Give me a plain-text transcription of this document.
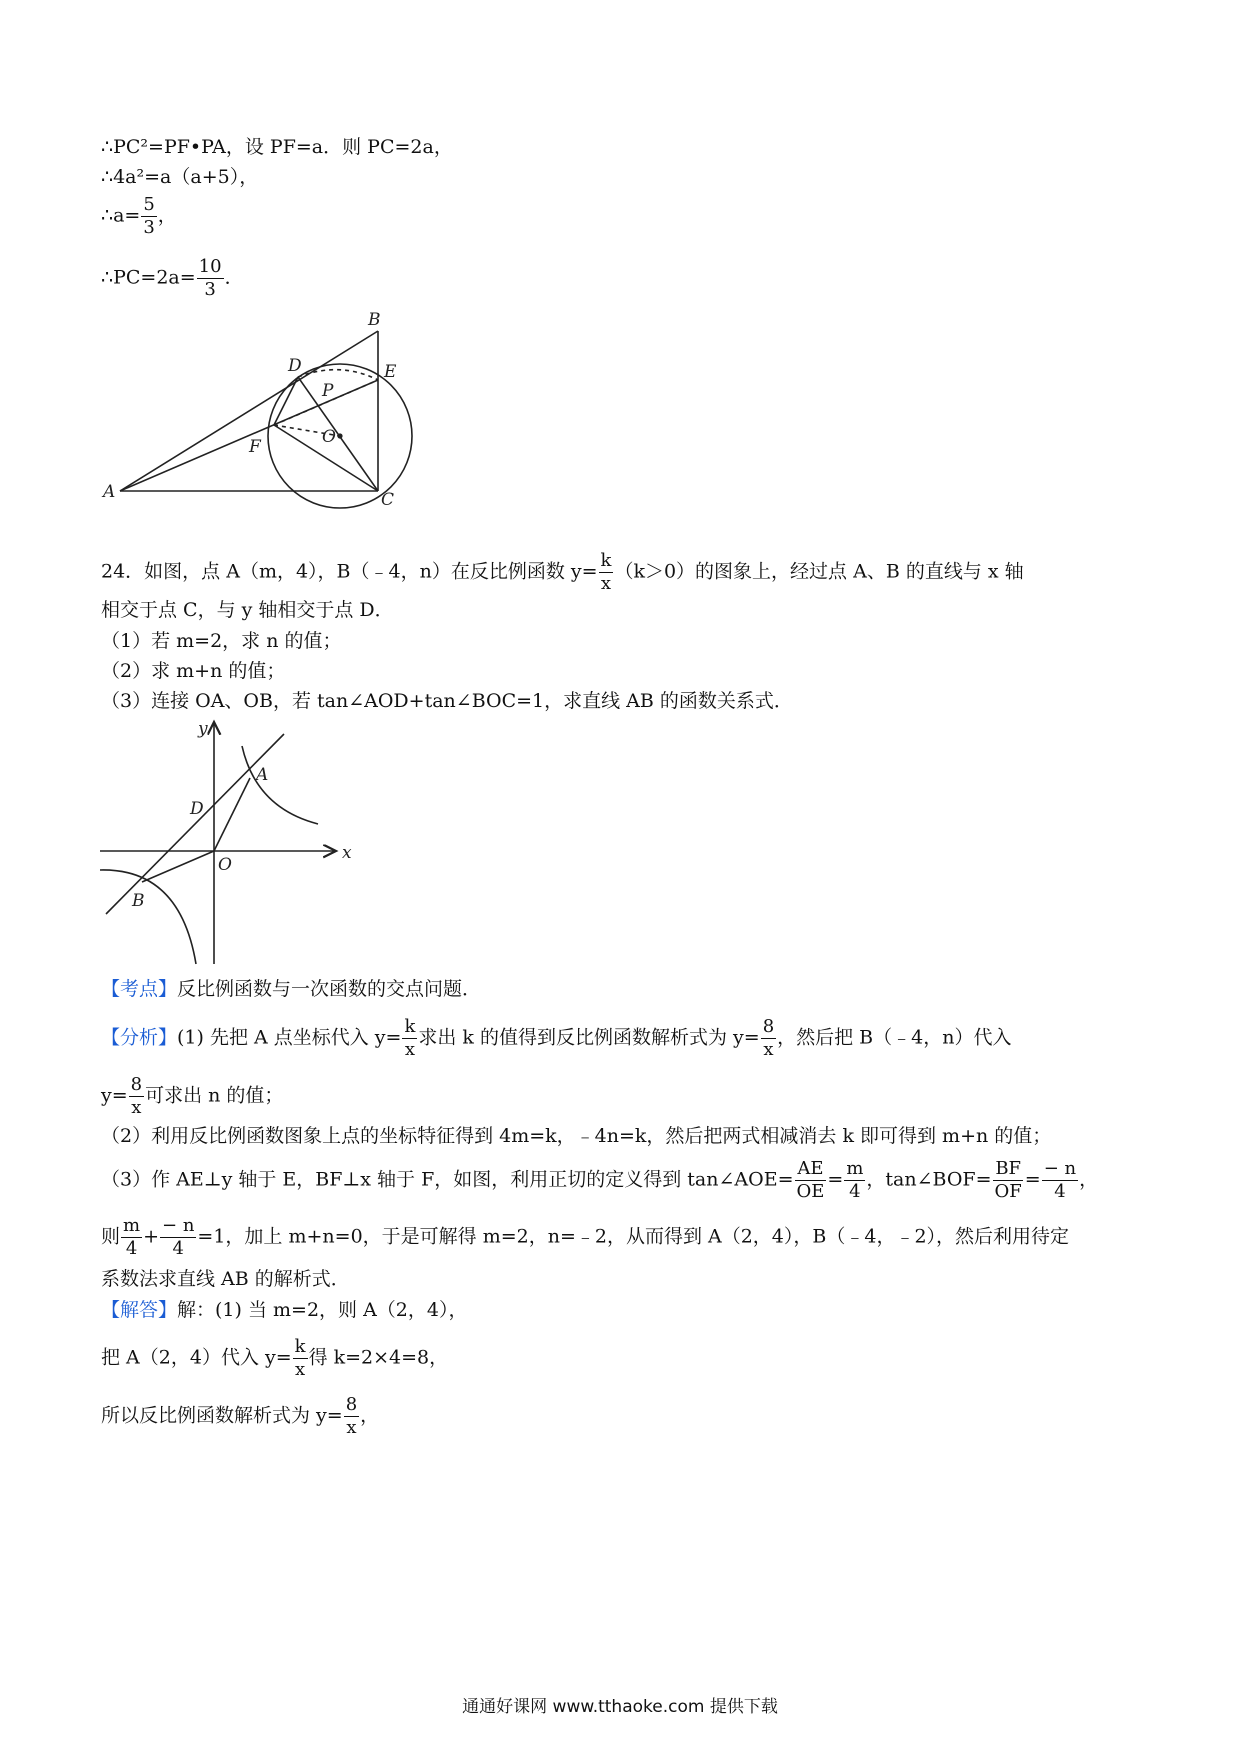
∴PC²=PF•PA，设 PF=a．则 PC=2a，
∴4a²=a（a+5），
∴a= $\frac{5}{3}$ ，
∴PC=2a= $\frac{10}{3}$ ．
B
D	E
P
O
F
A	C
24．如图，点 A（m，4），B（﹣4，n）在反比例函数 $y= \frac{k}{x} (k>0)$的图象上，经过点 A、B 的直线与 x 轴
相交于点 C，与 y 轴相交于点 D．
（1）若 m=2，求 n 的值；
（2）求 m+n 的值；
（3）连接 OA、OB，若 tan∠AOD+tan∠BOC=1，求直线 AB 的函数关系式．
y
x
A
D
O
B
【考点】反比例函数与一次函数的交点问题．
【分析】(1) 先把 A 点坐标代入 $y= \frac{k}{x}$ 求出 k 的值得到反比例函数解析式为 $y= \frac{8}{x}$ ，然后把 B（﹣4，n）代入
$y= \frac{8}{x}$ 可求出 n 的值；
（2）利用反比例函数图象上点的坐标特征得到 4m=k，﹣4n=k，然后把两式相减消去 k 即可得到 m+n 的值；
（3）作 AE⊥y 轴于 E，BF⊥x 轴于 F，如图，利用正切的定义得到 tan∠AOE= $\frac{AE}{OE} = \frac{m}{4}$ ，tan∠BOF= $\frac{BF}{OF} = \frac{- n}{4}$ ，
则 $\frac{m}{4} + \frac{- n}{4} =1$，加上 m+n=0，于是可解得 m=2，n=﹣2，从而得到 A（2，4），B（﹣4，﹣2），然后利用待定
系数法求直线 AB 的解析式．
【解答】解：(1) 当 m=2，则 A（2，4），
把 A（2，4）代入 $y= \frac{k}{x}$ 得 k=2×4=8，
所以反比例函数解析式为 $y= \frac{8}{x}$ ，
通通好课网 www.tthaoke.com 提供下载
